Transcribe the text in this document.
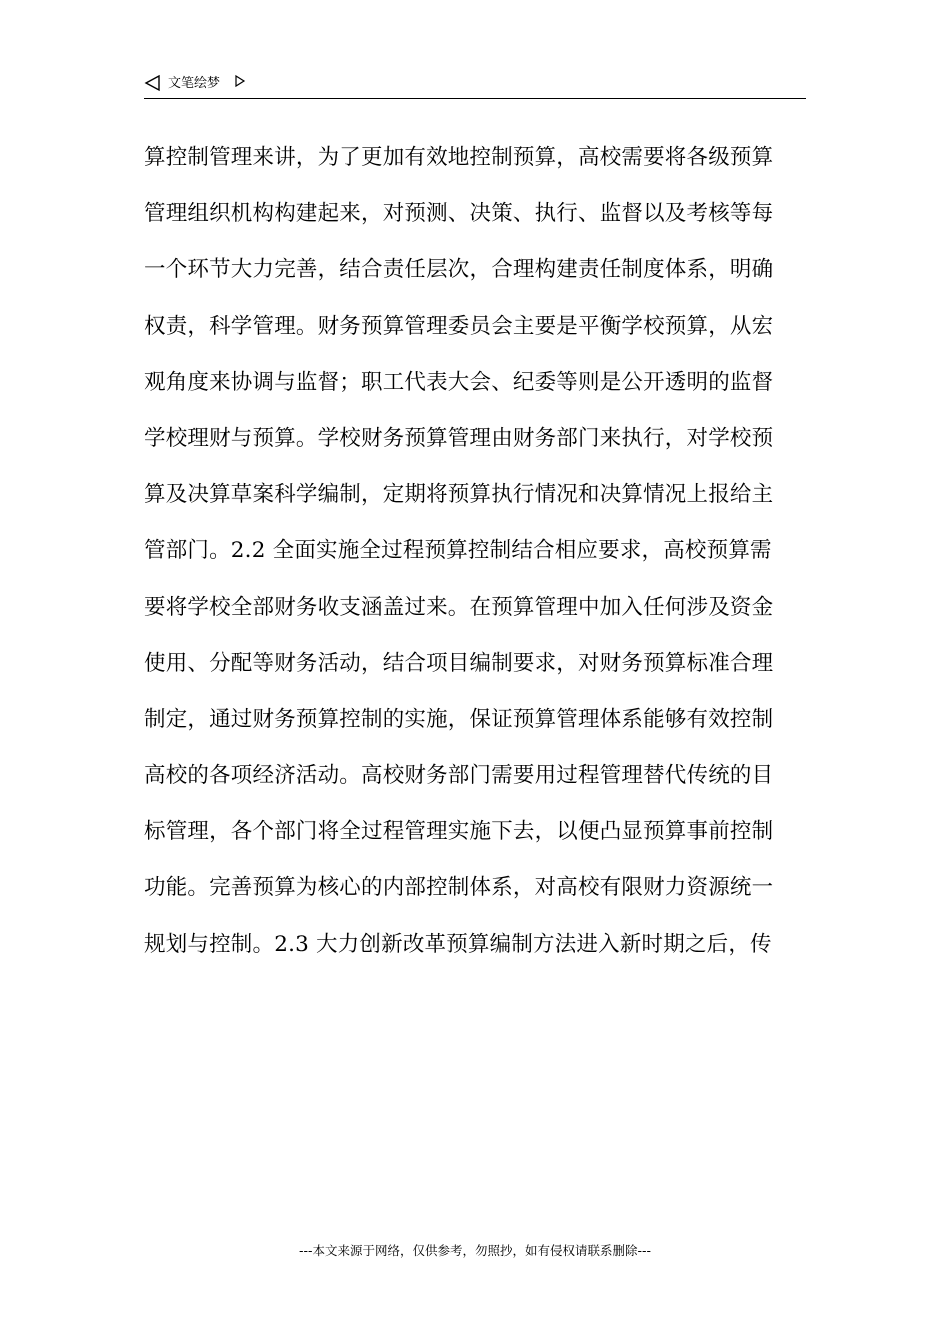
文笔绘梦
算控制管理来讲，为了更加有效地控制预算，高校需要将各级预算
管理组织机构构建起来，对预测、决策、执行、监督以及考核等每
一个环节大力完善，结合责任层次，合理构建责任制度体系，明确
权责，科学管理。财务预算管理委员会主要是平衡学校预算，从宏
观角度来协调与监督；职工代表大会、纪委等则是公开透明的监督
学校理财与预算。学校财务预算管理由财务部门来执行，对学校预
算及决算草案科学编制，定期将预算执行情况和决算情况上报给主
管部门。2.2 全面实施全过程预算控制结合相应要求，高校预算需
要将学校全部财务收支涵盖过来。在预算管理中加入任何涉及资金
使用、分配等财务活动，结合项目编制要求，对财务预算标准合理
制定，通过财务预算控制的实施，保证预算管理体系能够有效控制
高校的各项经济活动。高校财务部门需要用过程管理替代传统的目
标管理，各个部门将全过程管理实施下去，以便凸显预算事前控制
功能。完善预算为核心的内部控制体系，对高校有限财力资源统一
规划与控制。2.3 大力创新改革预算编制方法进入新时期之后，传
---本文来源于网络，仅供参考，勿照抄，如有侵权请联系删除---
